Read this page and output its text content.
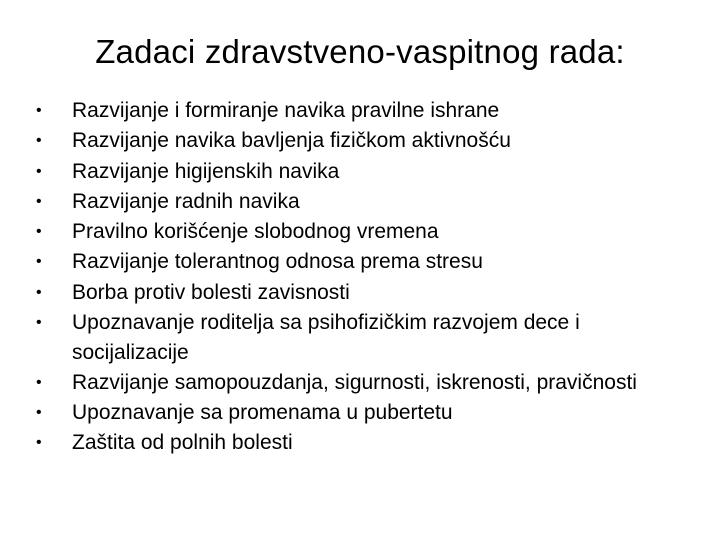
Zadaci zdravstveno-vaspitnog rada:
•	Razvijanje i formiranje navika pravilne ishrane
•	Razvijanje navika bavljenja fizičkom aktivnošću
•	Razvijanje higijenskih navika
•	Razvijanje radnih navika
•	Pravilno korišćenje slobodnog vremena
•	Razvijanje tolerantnog odnosa prema stresu
•	Borba protiv bolesti zavisnosti
•	Upoznavanje roditelja sa psihofizičkim razvojem dece i socijalizacije
•	Razvijanje samopouzdanja, sigurnosti, iskrenosti, pravičnosti
•	Upoznavanje sa promenama u pubertetu
•	Zaštita od polnih bolesti
